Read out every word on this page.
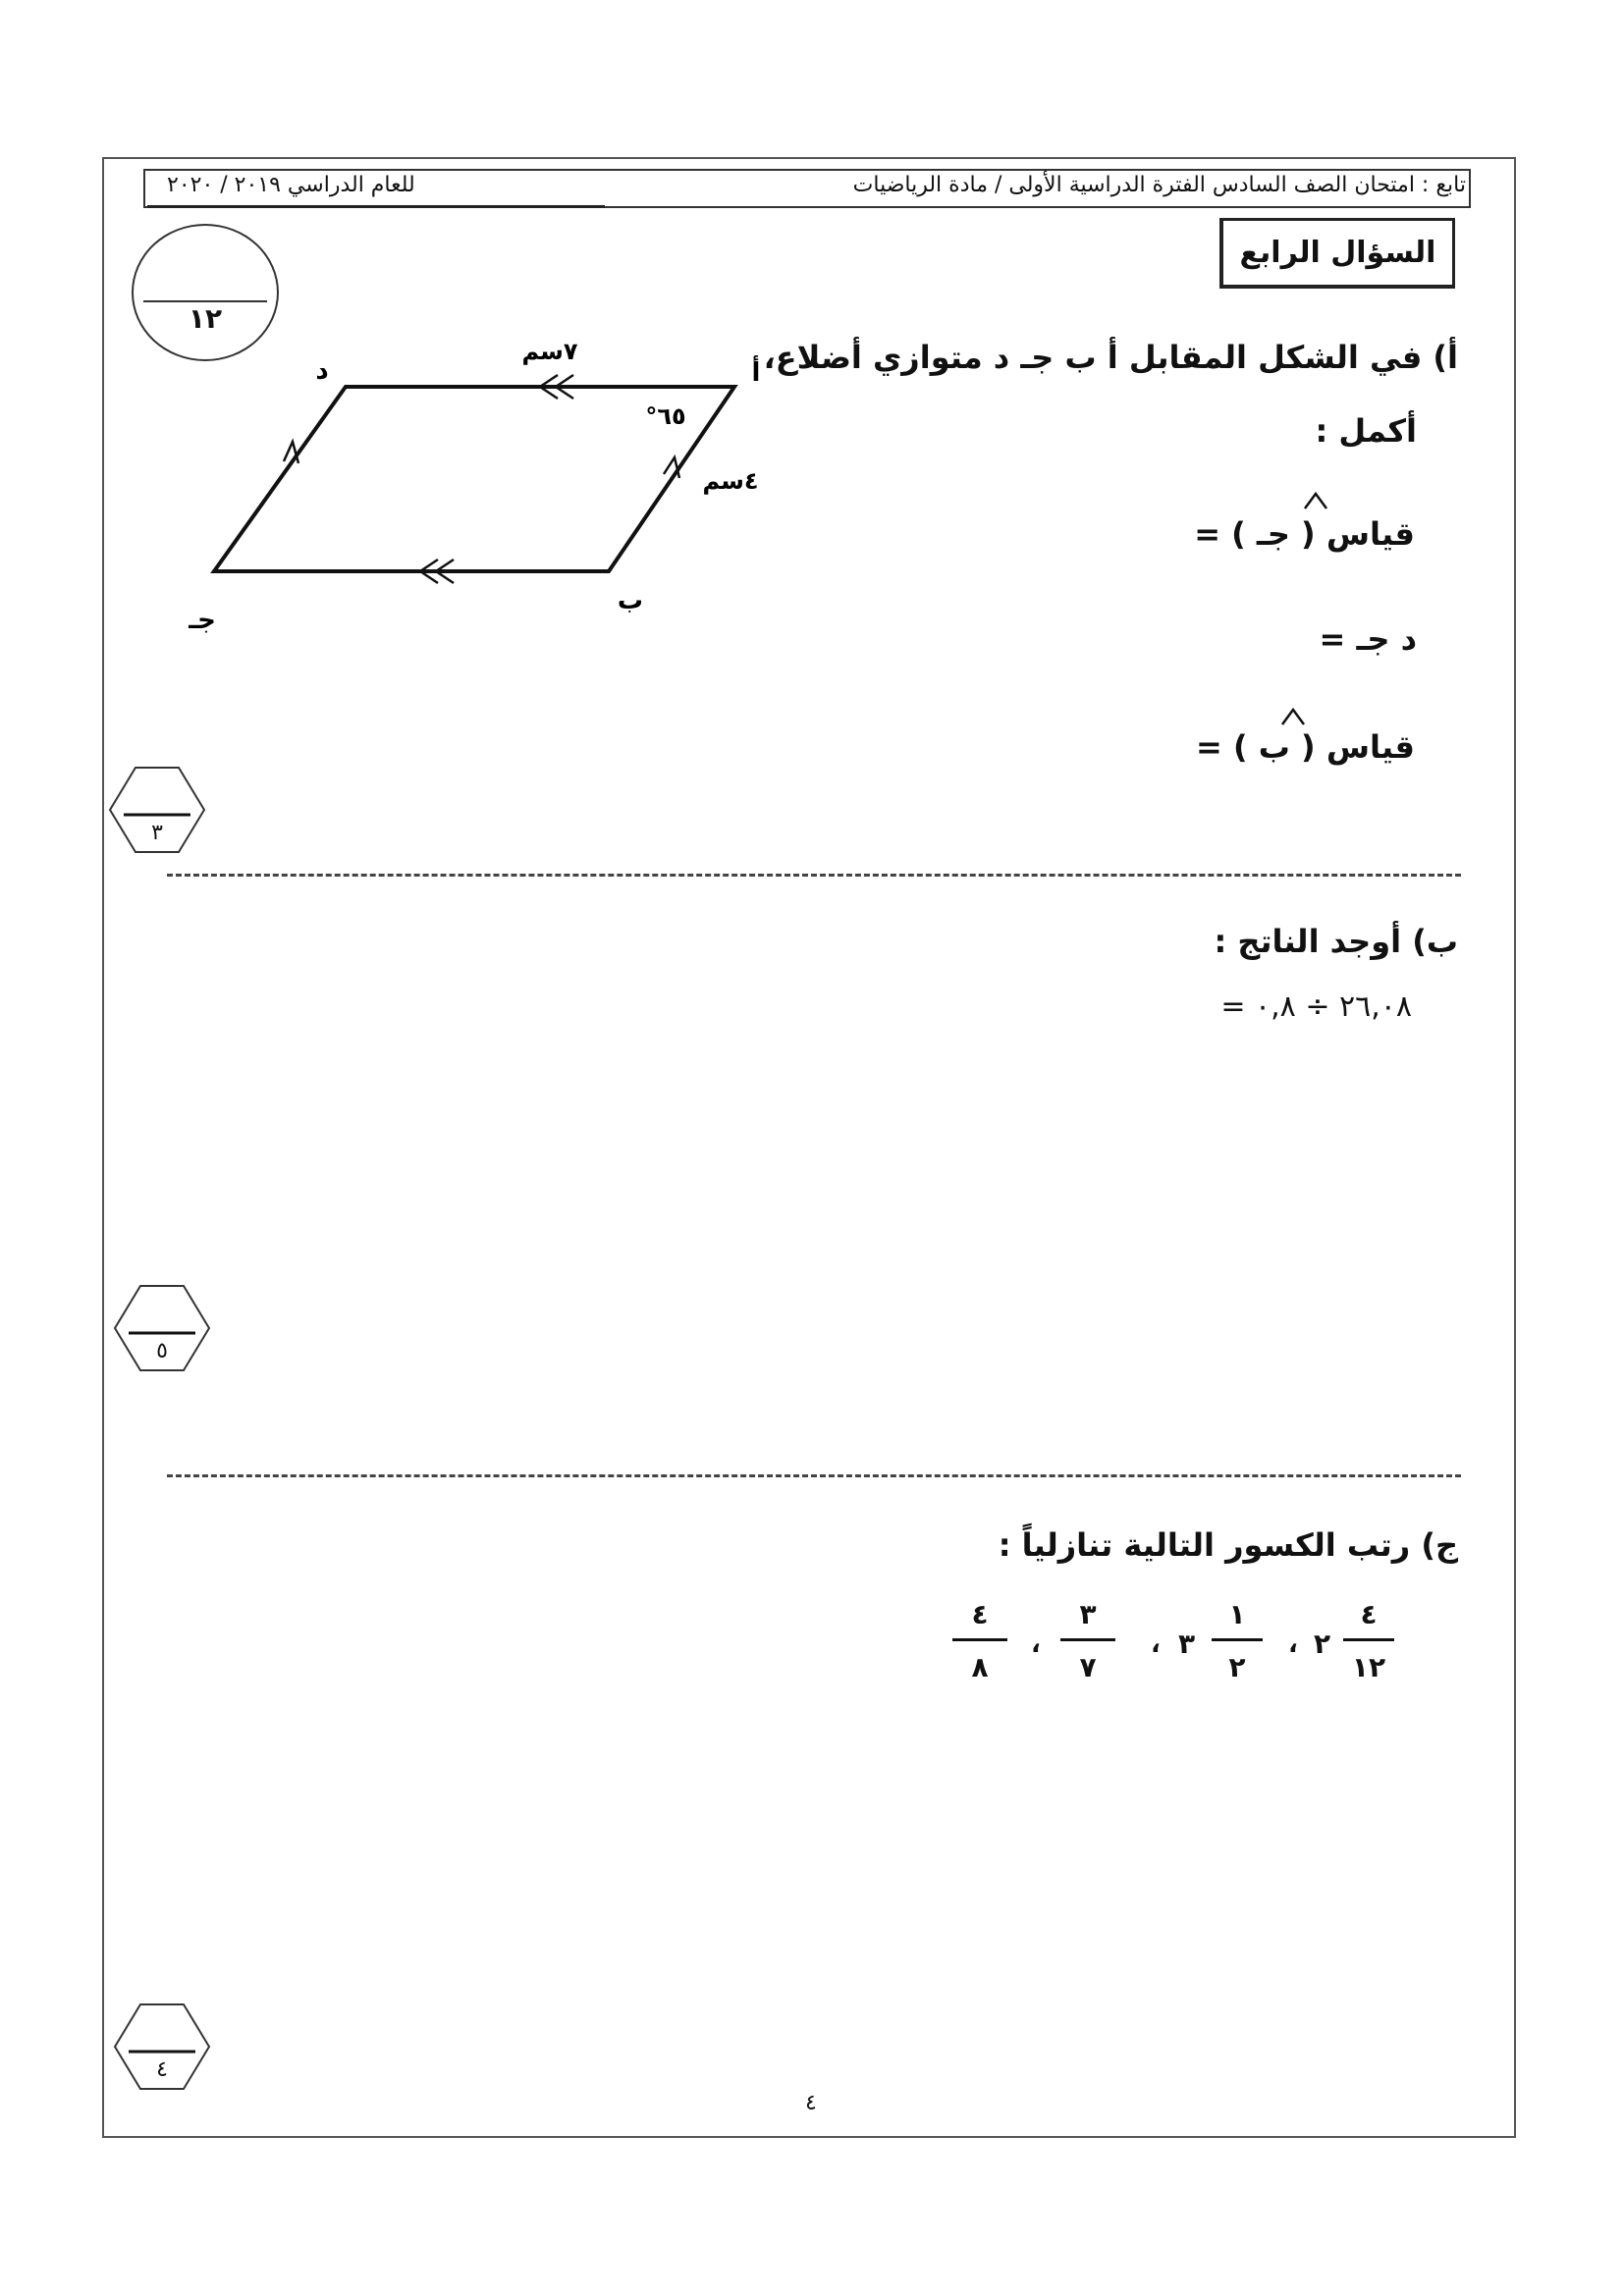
تابع : امتحان الصف السادس الفترة الدراسية الأولى / مادة الرياضيات
للعام الدراسي ٢٠١٩ / ٢٠٢٠
السؤال الرابع
١٢
أ) في الشكل المقابل أ ب جـ د متوازي أضلاع،
أكمل :
قياس ( جـ ) =
د جـ =
قياس ( ب ) =
أ
د
ب
جـ
٧سم
٤سم
٦٥°
٣
ب) أوجد الناتج :
٢٦,٠٨ ÷ ٠,٨ =
٥
ج) رتب الكسور التالية تنازلياً :
٤
١٢
٢
،
١
٢
٣
،
٣
٧
،
٤
٨
٤
٤
